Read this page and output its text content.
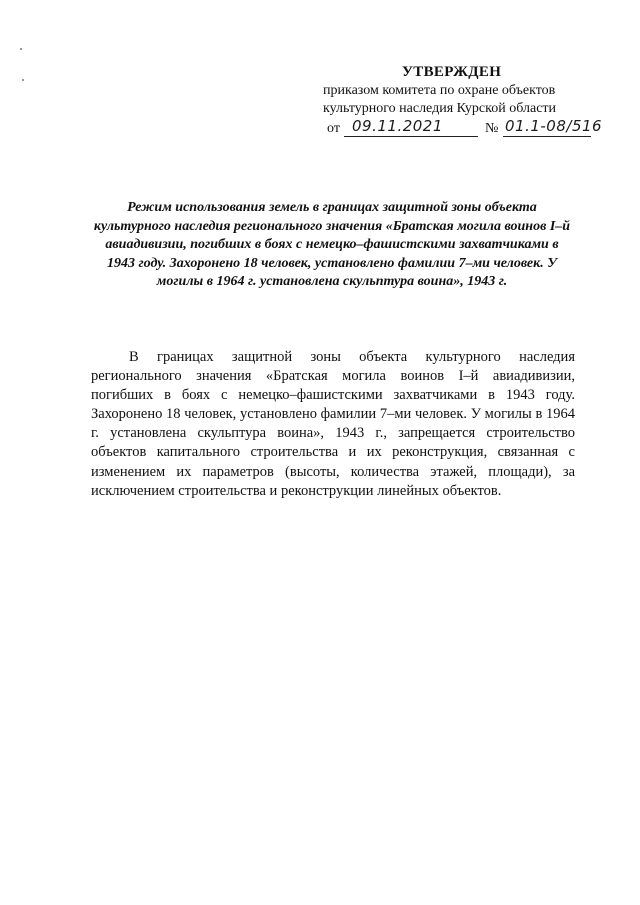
УТВЕРЖДЕН
приказом комитета по охране объектов
культурного наследия Курской области
от 09.11.2021	№ 01.1-08/516
Режим использования земель в границах защитной зоны объекта культурного наследия регионального значения «Братская могила воинов I–й авиадивизии, погибших в боях с немецко–фашистскими захватчиками в 1943 году. Захоронено 18 человек, установлено фамилии 7–ми человек. У могилы в 1964 г. установлена скульптура воина», 1943 г.
В границах защитной зоны объекта культурного наследия регионального значения «Братская могила воинов I–й авиадивизии, погибших в боях с немецко–фашистскими захватчиками в 1943 году. Захоронено 18 человек, установлено фамилии 7–ми человек. У могилы в 1964 г. установлена скульптура воина», 1943 г., запрещается строительство объектов капитального строительства и их реконструкция, связанная с изменением их параметров (высоты, количества этажей, площади), за исключением строительства и реконструкции линейных объектов.
